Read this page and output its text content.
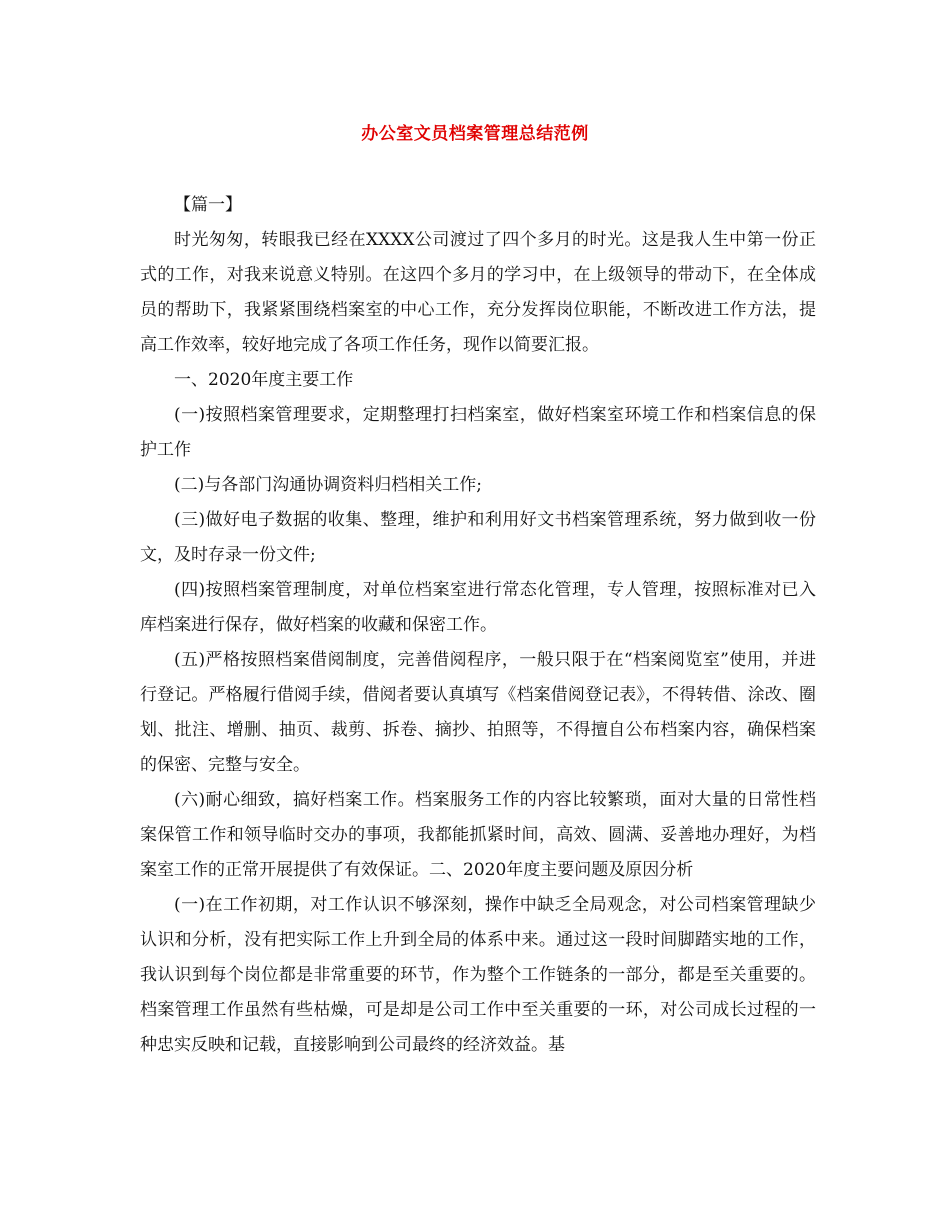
办公室文员档案管理总结范例

【篇一】

时光匆匆，转眼我已经在XXXX公司渡过了四个多月的时光。这是我人生中第一份正式的工作，对我来说意义特别。在这四个多月的学习中，在上级领导的带动下，在全体成员的帮助下，我紧紧围绕档案室的中心工作，充分发挥岗位职能，不断改进工作方法，提高工作效率，较好地完成了各项工作任务，现作以简要汇报。

一、2020年度主要工作

(一)按照档案管理要求，定期整理打扫档案室，做好档案室环境工作和档案信息的保护工作

(二)与各部门沟通协调资料归档相关工作;

(三)做好电子数据的收集、整理，维护和利用好文书档案管理系统，努力做到收一份文，及时存录一份文件;

(四)按照档案管理制度，对单位档案室进行常态化管理，专人管理，按照标准对已入库档案进行保存，做好档案的收藏和保密工作。

(五)严格按照档案借阅制度，完善借阅程序，一般只限于在“档案阅览室”使用，并进行登记。严格履行借阅手续，借阅者要认真填写《档案借阅登记表》，不得转借、涂改、圈划、批注、增删、抽页、裁剪、拆卷、摘抄、拍照等，不得擅自公布档案内容，确保档案的保密、完整与安全。

(六)耐心细致，搞好档案工作。档案服务工作的内容比较繁琐，面对大量的日常性档案保管工作和领导临时交办的事项，我都能抓紧时间，高效、圆满、妥善地办理好，为档案室工作的正常开展提供了有效保证。二、2020年度主要问题及原因分析

(一)在工作初期，对工作认识不够深刻，操作中缺乏全局观念，对公司档案管理缺少认识和分析，没有把实际工作上升到全局的体系中来。通过这一段时间脚踏实地的工作，我认识到每个岗位都是非常重要的环节，作为整个工作链条的一部分，都是至关重要的。档案管理工作虽然有些枯燥，可是却是公司工作中至关重要的一环，对公司成长过程的一种忠实反映和记载，直接影响到公司最终的经济效益。基
